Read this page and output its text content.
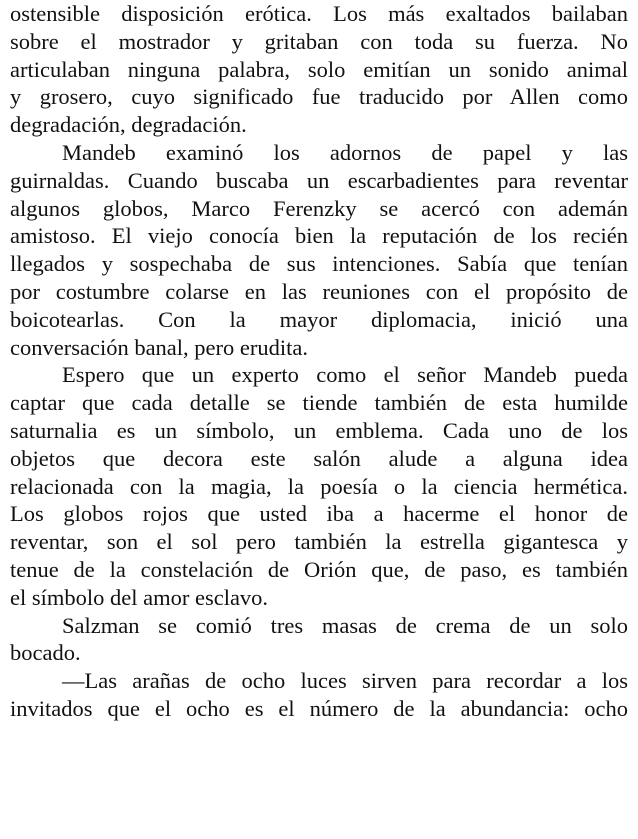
ostensible disposición erótica. Los más exaltados bailaban
sobre el mostrador y gritaban con toda su fuerza. No
articulaban ninguna palabra, solo emitían un sonido animal
y grosero, cuyo significado fue traducido por Allen como
degradación, degradación.
Mandeb examinó los adornos de papel y las
guirnaldas. Cuando buscaba un escarbadientes para reventar
algunos globos, Marco Ferenzky se acercó con ademán
amistoso. El viejo conocía bien la reputación de los recién
llegados y sospechaba de sus intenciones. Sabía que tenían
por costumbre colarse en las reuniones con el propósito de
boicotearlas. Con la mayor diplomacia, inició una
conversación banal, pero erudita.
Espero que un experto como el señor Mandeb pueda
captar que cada detalle se tiende también de esta humilde
saturnalia es un símbolo, un emblema. Cada uno de los
objetos que decora este salón alude a alguna idea
relacionada con la magia, la poesía o la ciencia hermética.
Los globos rojos que usted iba a hacerme el honor de
reventar, son el sol pero también la estrella gigantesca y
tenue de la constelación de Orión que, de paso, es también
el símbolo del amor esclavo.
Salzman se comió tres masas de crema de un solo
bocado.
—Las arañas de ocho luces sirven para recordar a los
invitados que el ocho es el número de la abundancia: ocho
